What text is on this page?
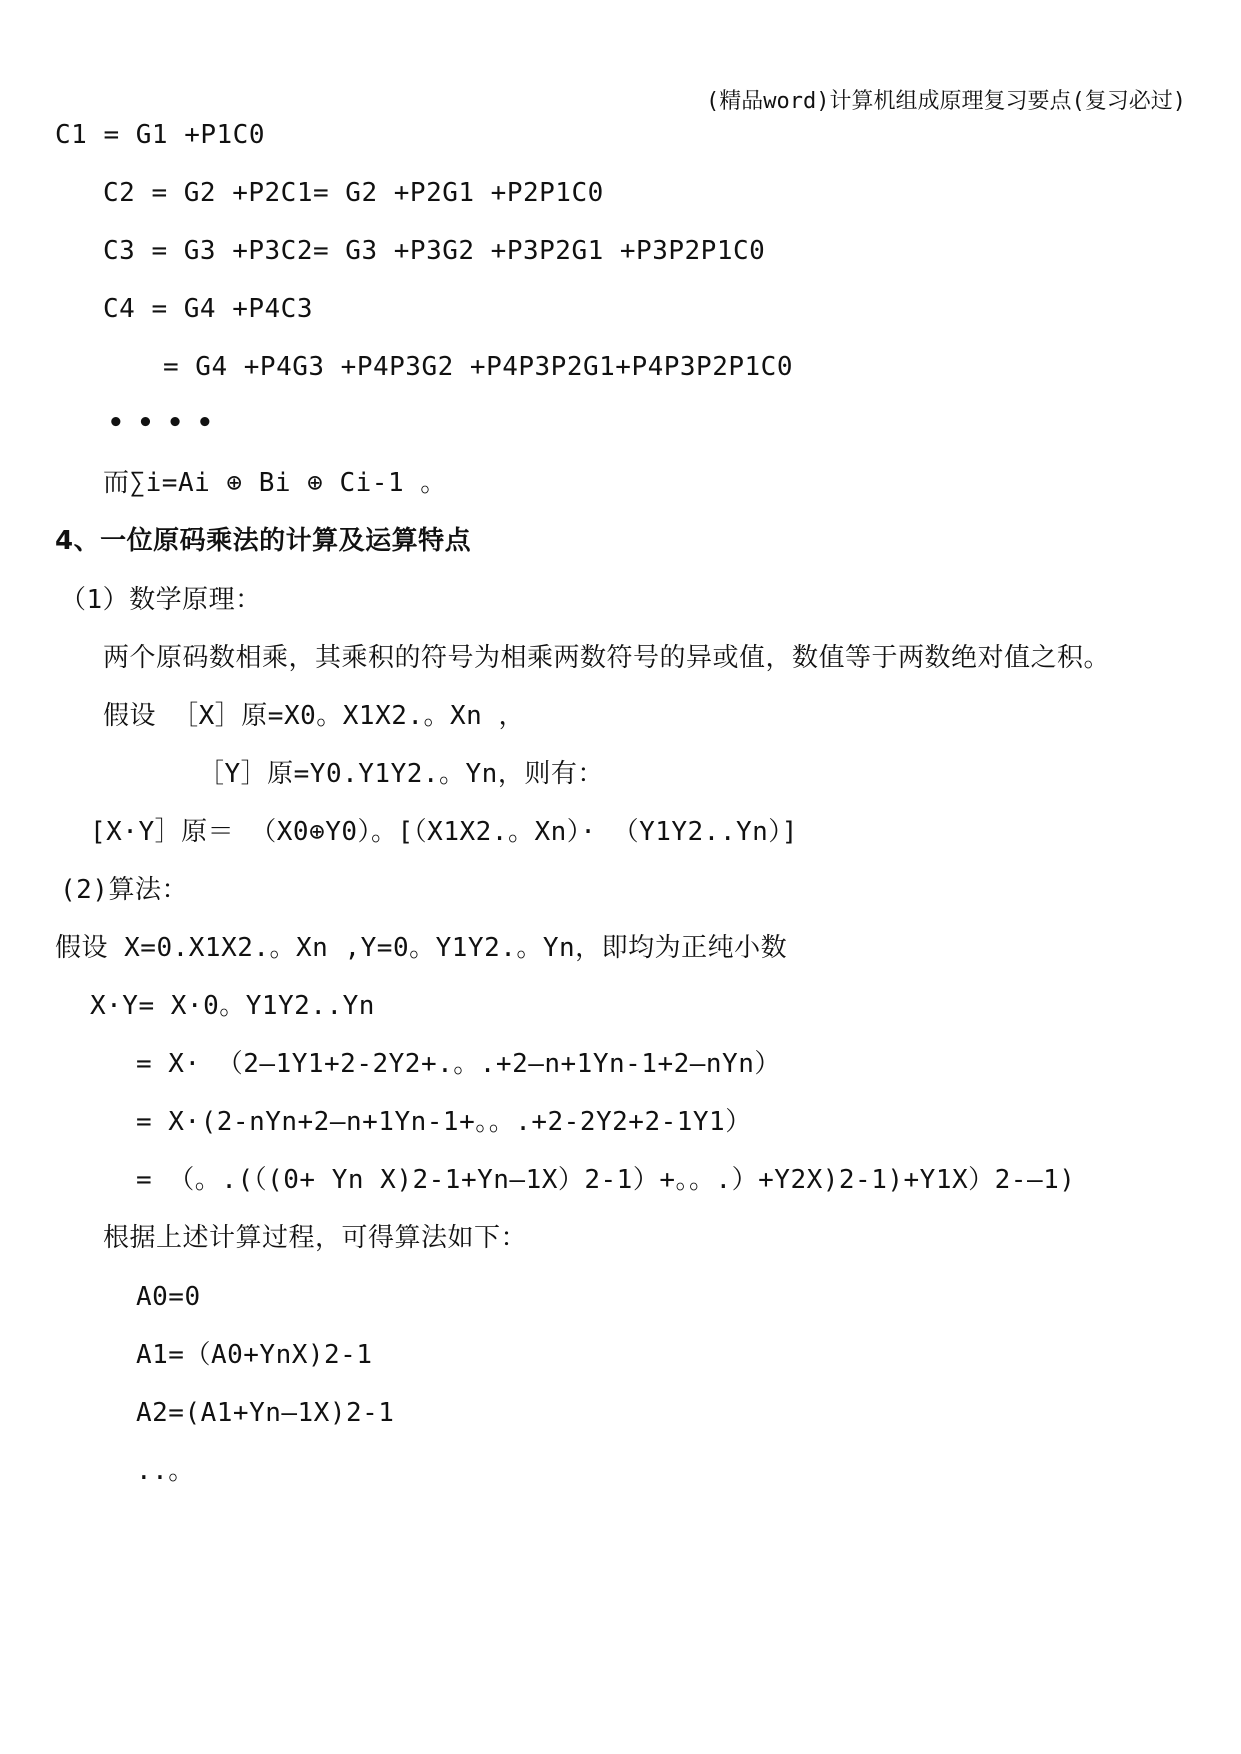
(精品word)计算机组成原理复习要点(复习必过)
C1 = G1 +P1C0
C2 = G2 +P2C1= G2 +P2G1 +P2P1C0
C3 = G3 +P3C2= G3 +P3G2 +P3P2G1 +P3P2P1C0
C4 = G4 +P4C3
= G4 +P4G3 +P4P3G2 +P4P3P2G1+P4P3P2P1C0
••••
而∑i=Ai ⊕ Bi ⊕ Ci-1 。
4、一位原码乘法的计算及运算特点
（1）数学原理：
两个原码数相乘，其乘积的符号为相乘两数符号的异或值，数值等于两数绝对值之积。
假设 ［X］原=X0。X1X2.。Xn ，
［Y］原=Y0.Y1Y2.。Yn，则有：
[X·Y］原＝ （X0⊕Y0）。[（X1X2.。Xn）· （Y1Y2..Yn）]
(2)算法：
假设 X=0.X1X2.。Xn ,Y=0。Y1Y2.。Yn，即均为正纯小数
X·Y= X·0。Y1Y2..Yn
= X· （2—1Y1+2-2Y2+.。.+2—n+1Yn-1+2—nYn）
= X·(2-nYn+2—n+1Yn-1+。。.+2-2Y2+2-1Y1）
= （。.(（(0+ Yn X)2-1+Yn—1X）2-1）+。。.）+Y2X)2-1)+Y1X）2-—1)
根据上述计算过程，可得算法如下：
A0=0
A1=（A0+YnX)2-1
A2=(A1+Yn—1X)2-1
..。
